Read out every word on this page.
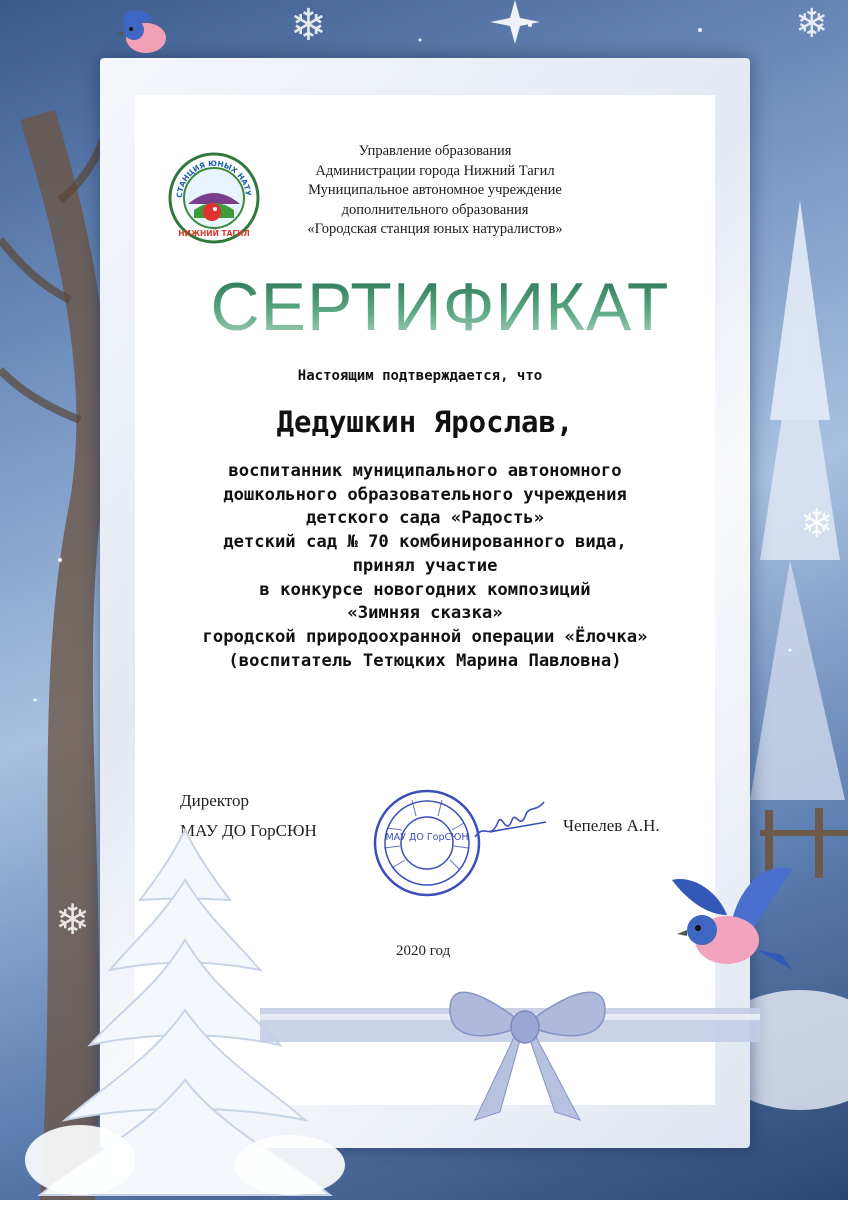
❄	❄
❄
❄
СТАНЦИЯ ЮНЫХ НАТУ
НИЖНИЙ ТАГИЛ
Управление образования
Администрации города Нижний Тагил
Муниципальное автономное учреждение
дополнительного образования
«Городская станция юных натуралистов»
СЕРТИФИКАТ
Настоящим подтверждается, что
Дедушкин Ярослав,
воспитанник муниципального автономного
дошкольного образовательного учреждения
детского сада «Радость»
детский сад № 70 комбинированного вида,
принял участие
в конкурсе новогодних композиций
«Зимняя сказка»
городской природоохранной операции «Ёлочка»
(воспитатель Тетюцких Марина Павловна)
Директор
МАУ ДО ГорСЮН	МАУ ДО ГорСЮН
Чепелев А.Н.
2020 год
